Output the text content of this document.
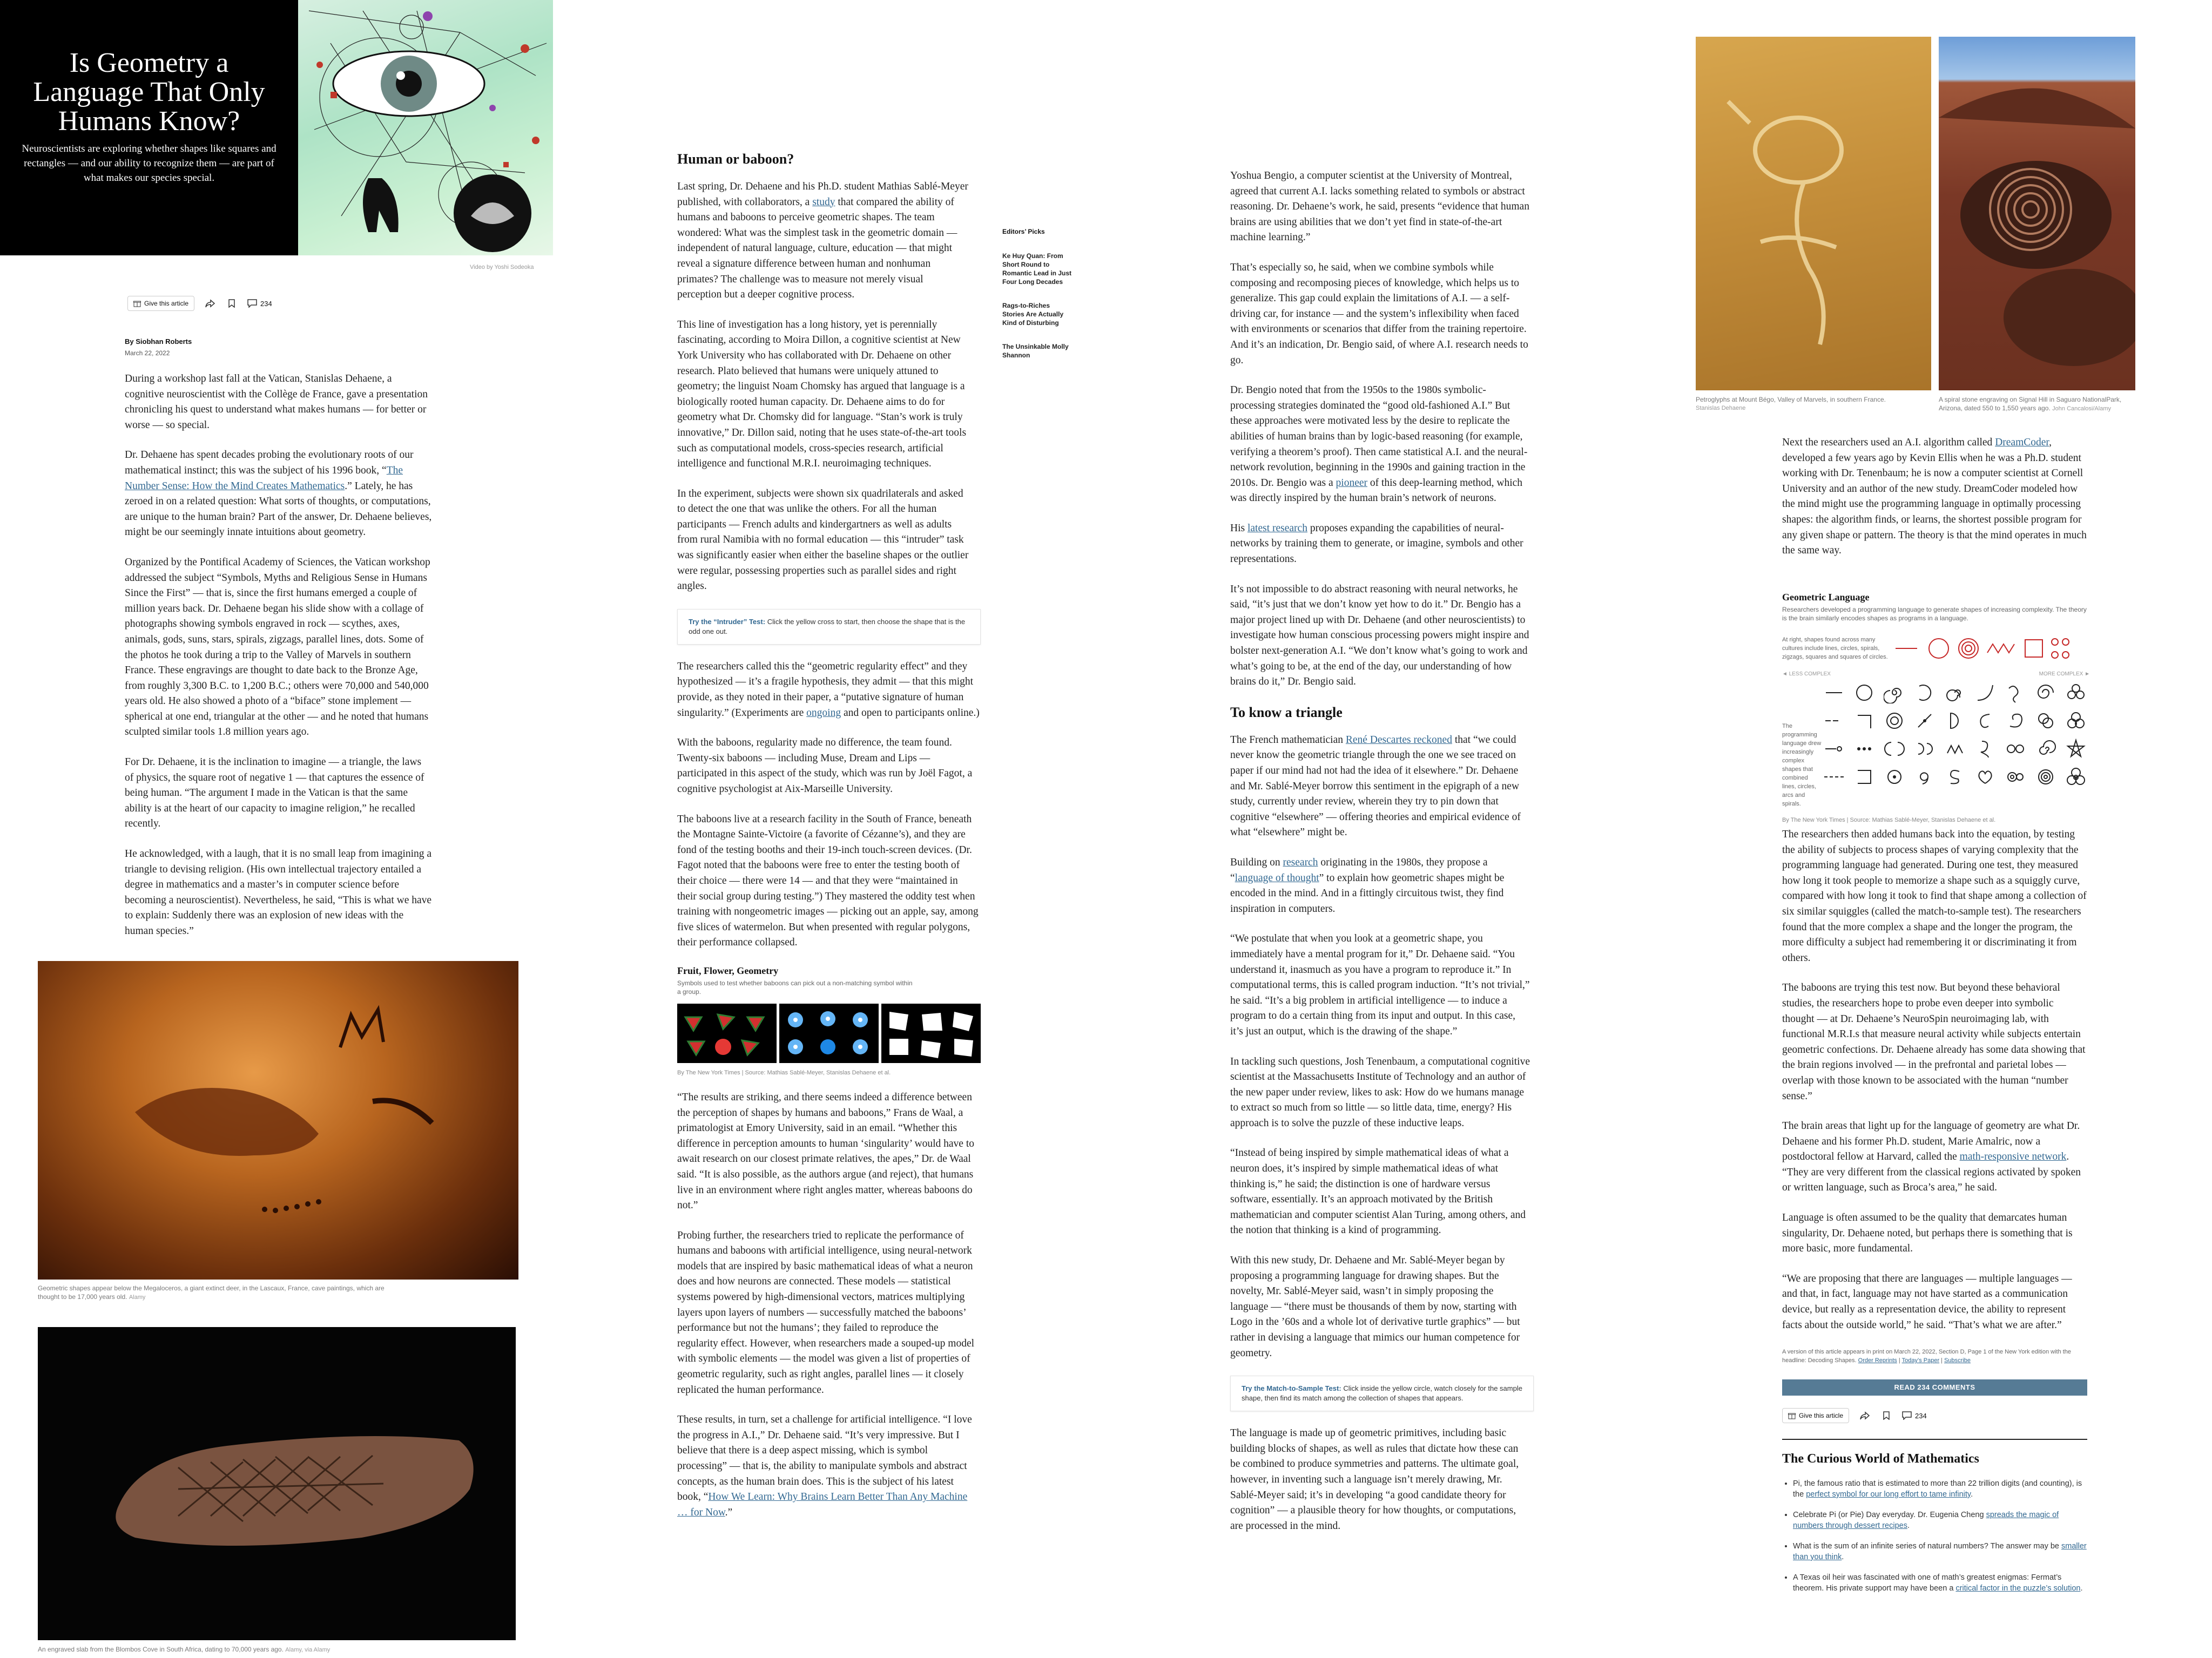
Is Geometry a Language That Only Humans Know?
Neuroscientists are exploring whether shapes like squares and rectangles — and our ability to recognize them — are part of what makes our species special.
Video by Yoshi Sodeoka
Give this article	234
By Siobhan Roberts
March 22, 2022

During a workshop last fall at the Vatican, Stanislas Dehaene, a cognitive neuroscientist with the Collège de France, gave a presentation chronicling his quest to understand what makes humans — for better or worse — so special.

Dr. Dehaene has spent decades probing the evolutionary roots of our mathematical instinct; this was the subject of his 1996 book, “The Number Sense: How the Mind Creates Mathematics.” Lately, he has zeroed in on a related question: What sorts of thoughts, or computations, are unique to the human brain? Part of the answer, Dr. Dehaene believes, might be our seemingly innate intuitions about geometry.

Organized by the Pontifical Academy of Sciences, the Vatican workshop addressed the subject “Symbols, Myths and Religious Sense in Humans Since the First” — that is, since the first humans emerged a couple of million years back. Dr. Dehaene began his slide show with a collage of photographs showing symbols engraved in rock — scythes, axes, animals, gods, suns, stars, spirals, zigzags, parallel lines, dots. Some of the photos he took during a trip to the Valley of Marvels in southern France. These engravings are thought to date back to the Bronze Age, from roughly 3,300 B.C. to 1,200 B.C.; others were 70,000 and 540,000 years old. He also showed a photo of a “biface” stone implement — spherical at one end, triangular at the other — and he noted that humans sculpted similar tools 1.8 million years ago.

For Dr. Dehaene, it is the inclination to imagine — a triangle, the laws of physics, the square root of negative 1 — that captures the essence of being human. “The argument I made in the Vatican is that the same ability is at the heart of our capacity to imagine religion,” he recalled recently.

He acknowledged, with a laugh, that it is no small leap from imagining a triangle to devising religion. (His own intellectual trajectory entailed a degree in mathematics and a master’s in computer science before becoming a neuroscientist). Nevertheless, he said, “This is what we have to explain: Suddenly there was an explosion of new ideas with the human species.”

Geometric shapes appear below the Megaloceros, a giant extinct deer, in the Lascaux, France, cave paintings, which are thought to be 17,000 years old. Alamy
An engraved slab from the Blombos Cove in South Africa, dating to 70,000 years ago. Alamy, via Alamy
Human or baboon?

Last spring, Dr. Dehaene and his Ph.D. student Mathias Sablé-Meyer published, with collaborators, a study that compared the ability of humans and baboons to perceive geometric shapes. The team wondered: What was the simplest task in the geometric domain — independent of natural language, culture, education — that might reveal a signature difference between human and nonhuman primates? The challenge was to measure not merely visual perception but a deeper cognitive process.

This line of investigation has a long history, yet is perennially fascinating, according to Moira Dillon, a cognitive scientist at New York University who has collaborated with Dr. Dehaene on other research. Plato believed that humans were uniquely attuned to geometry; the linguist Noam Chomsky has argued that language is a biologically rooted human capacity. Dr. Dehaene aims to do for geometry what Dr. Chomsky did for language. “Stan’s work is truly innovative,” Dr. Dillon said, noting that he uses state-of-the-art tools such as computational models, cross-species research, artificial intelligence and functional M.R.I. neuroimaging techniques.

In the experiment, subjects were shown six quadrilaterals and asked to detect the one that was unlike the others. For all the human participants — French adults and kindergartners as well as adults from rural Namibia with no formal education — this “intruder” task was significantly easier when either the baseline shapes or the outlier were regular, possessing properties such as parallel sides and right angles.

Try the “Intruder” Test: Click the yellow cross to start, then choose the shape that is the odd one out.

The researchers called this the “geometric regularity effect” and they hypothesized — it’s a fragile hypothesis, they admit — that this might provide, as they noted in their paper, a “putative signature of human singularity.” (Experiments are ongoing and open to participants online.)

With the baboons, regularity made no difference, the team found. Twenty-six baboons — including Muse, Dream and Lips — participated in this aspect of the study, which was run by Joël Fagot, a cognitive psychologist at Aix-Marseille University.

The baboons live at a research facility in the South of France, beneath the Montagne Sainte-Victoire (a favorite of Cézanne’s), and they are fond of the testing booths and their 19-inch touch-screen devices. (Dr. Fagot noted that the baboons were free to enter the testing booth of their choice — there were 14 — and that they were “maintained in their social group during testing.”) They mastered the oddity test when training with nongeometric images — picking out an apple, say, among five slices of watermelon. But when presented with regular polygons, their performance collapsed.

Fruit, Flower, Geometry
Symbols used to test whether baboons can pick out a non-matching symbol within a group.
By The New York Times | Source: Mathias Sablé-Meyer, Stanislas Dehaene et al.

“The results are striking, and there seems indeed a difference between the perception of shapes by humans and baboons,” Frans de Waal, a primatologist at Emory University, said in an email. “Whether this difference in perception amounts to human ‘singularity’ would have to await research on our closest primate relatives, the apes,” Dr. de Waal said. “It is also possible, as the authors argue (and reject), that humans live in an environment where right angles matter, whereas baboons do not.”

Probing further, the researchers tried to replicate the performance of humans and baboons with artificial intelligence, using neural-network models that are inspired by basic mathematical ideas of what a neuron does and how neurons are connected. These models — statistical systems powered by high-dimensional vectors, matrices multiplying layers upon layers of numbers — successfully matched the baboons’ performance but not the humans’; they failed to reproduce the regularity effect. However, when researchers made a souped-up model with symbolic elements — the model was given a list of properties of geometric regularity, such as right angles, parallel lines — it closely replicated the human performance.

These results, in turn, set a challenge for artificial intelligence. “I love the progress in A.I.,” Dr. Dehaene said. “It’s very impressive. But I believe that there is a deep aspect missing, which is symbol processing” — that is, the ability to manipulate symbols and abstract concepts, as the human brain does. This is the subject of his latest book, “How We Learn: Why Brains Learn Better Than Any Machine … for Now.”

Editors’ Picks
Ke Huy Quan: From Short Round to Romantic Lead in Just Four Long Decades
Rags-to-Riches Stories Are Actually Kind of Disturbing
The Unsinkable Molly Shannon

Yoshua Bengio, a computer scientist at the University of Montreal, agreed that current A.I. lacks something related to symbols or abstract reasoning. Dr. Dehaene’s work, he said, presents “evidence that human brains are using abilities that we don’t yet find in state-of-the-art machine learning.”

That’s especially so, he said, when we combine symbols while composing and recomposing pieces of knowledge, which helps us to generalize. This gap could explain the limitations of A.I. — a self-driving car, for instance — and the system’s inflexibility when faced with environments or scenarios that differ from the training repertoire. And it’s an indication, Dr. Bengio said, of where A.I. research needs to go.

Dr. Bengio noted that from the 1950s to the 1980s symbolic-processing strategies dominated the “good old-fashioned A.I.” But these approaches were motivated less by the desire to replicate the abilities of human brains than by logic-based reasoning (for example, verifying a theorem’s proof). Then came statistical A.I. and the neural-network revolution, beginning in the 1990s and gaining traction in the 2010s. Dr. Bengio was a pioneer of this deep-learning method, which was directly inspired by the human brain’s network of neurons.

His latest research proposes expanding the capabilities of neural-networks by training them to generate, or imagine, symbols and other representations.

It’s not impossible to do abstract reasoning with neural networks, he said, “it’s just that we don’t know yet how to do it.” Dr. Bengio has a major project lined up with Dr. Dehaene (and other neuroscientists) to investigate how human conscious processing powers might inspire and bolster next-generation A.I. “We don’t know what’s going to work and what’s going to be, at the end of the day, our understanding of how brains do it,” Dr. Bengio said.

To know a triangle

The French mathematician René Descartes reckoned that “we could never know the geometric triangle through the one we see traced on paper if our mind had not had the idea of it elsewhere.” Dr. Dehaene and Mr. Sablé-Meyer borrow this sentiment in the epigraph of a new study, currently under review, wherein they try to pin down that cognitive “elsewhere” — offering theories and empirical evidence of what “elsewhere” might be.

Building on research originating in the 1980s, they propose a “language of thought” to explain how geometric shapes might be encoded in the mind. And in a fittingly circuitous twist, they find inspiration in computers.

“We postulate that when you look at a geometric shape, you immediately have a mental program for it,” Dr. Dehaene said. “You understand it, inasmuch as you have a program to reproduce it.” In computational terms, this is called program induction. “It’s not trivial,” he said. “It’s a big problem in artificial intelligence — to induce a program to do a certain thing from its input and output. In this case, it’s just an output, which is the drawing of the shape.”

In tackling such questions, Josh Tenenbaum, a computational cognitive scientist at the Massachusetts Institute of Technology and an author of the new paper under review, likes to ask: How do we humans manage to extract so much from so little — so little data, time, energy? His approach is to solve the puzzle of these inductive leaps.

“Instead of being inspired by simple mathematical ideas of what a neuron does, it’s inspired by simple mathematical ideas of what thinking is,” he said; the distinction is one of hardware versus software, essentially. It’s an approach motivated by the British mathematician and computer scientist Alan Turing, among others, and the notion that thinking is a kind of programming.

With this new study, Dr. Dehaene and Mr. Sablé-Meyer began by proposing a programming language for drawing shapes. But the novelty, Mr. Sablé-Meyer said, wasn’t in simply proposing the language — “there must be thousands of them by now, starting with Logo in the ’60s and a whole lot of derivative turtle graphics” — but rather in devising a language that mimics our human competence for geometry.

Try the Match-to-Sample Test: Click inside the yellow circle, watch closely for the sample shape, then find its match among the collection of shapes that appears.

The language is made up of geometric primitives, including basic building blocks of shapes, as well as rules that dictate how these can be combined to produce symmetries and patterns. The ultimate goal, however, in inventing such a language isn’t merely drawing, Mr. Sablé-Meyer said; it’s in developing “a good candidate theory for cognition” — a plausible theory for how thoughts, or computations, are processed in the mind.

Petroglyphs at Mount Bégo, Valley of Marvels, in southern France.
Stanislas Dehaene
A spiral stone engraving on Signal Hill in Saguaro NationalPark, Arizona, dated 550 to 1,550 years ago. John Cancalosi/Alamy

Next the researchers used an A.I. algorithm called DreamCoder, developed a few years ago by Kevin Ellis when he was a Ph.D. student working with Dr. Tenenbaum; he is now a computer scientist at Cornell University and an author of the new study. DreamCoder modeled how the mind might use the programming language in optimally processing shapes: the algorithm finds, or learns, the shortest possible program for any given shape or pattern. The theory is that the mind operates in much the same way.

Geometric Language
Researchers developed a programming language to generate shapes of increasing complexity. The theory is the brain similarly encodes shapes as programs in a language.
At right, shapes found across many cultures include lines, circles, spirals, zigzags, squares and squares of circles.
◄ LESS COMPLEX	MORE COMPLEX ►
The programming language drew increasingly complex shapes that combined lines, circles, arcs and spirals.
By The New York Times | Source: Mathias Sablé-Meyer, Stanislas Dehaene et al.

The researchers then added humans back into the equation, by testing the ability of subjects to process shapes of varying complexity that the programming language had generated. During one test, they measured how long it took people to memorize a shape such as a squiggly curve, compared with how long it took to find that shape among a collection of six similar squiggles (called the match-to-sample test). The researchers found that the more complex a shape and the longer the program, the more difficulty a subject had remembering it or discriminating it from others.

The baboons are trying this test now. But beyond these behavioral studies, the researchers hope to probe even deeper into symbolic thought — at Dr. Dehaene’s NeuroSpin neuroimaging lab, with functional M.R.I.s that measure neural activity while subjects entertain geometric confections. Dr. Dehaene already has some data showing that the brain regions involved — in the prefrontal and parietal lobes — overlap with those known to be associated with the human “number sense.”

The brain areas that light up for the language of geometry are what Dr. Dehaene and his former Ph.D. student, Marie Amalric, now a postdoctoral fellow at Harvard, called the math-responsive network. “They are very different from the classical regions activated by spoken or written language, such as Broca’s area,” he said.

Language is often assumed to be the quality that demarcates human singularity, Dr. Dehaene noted, but perhaps there is something that is more basic, more fundamental.

“We are proposing that there are languages — multiple languages — and that, in fact, language may not have started as a communication device, but really as a representation device, the ability to represent facts about the outside world,” he said. “That’s what we are after.”

A version of this article appears in print on March 22, 2022, Section D, Page 1 of the New York edition with the headline: Decoding Shapes. Order Reprints | Today’s Paper | Subscribe
READ 234 COMMENTS
Give this article	234
The Curious World of Mathematics
• Pi, the famous ratio that is estimated to more than 22 trillion digits (and counting), is the perfect symbol for our long effort to tame infinity.
• Celebrate Pi (or Pie) Day everyday. Dr. Eugenia Cheng spreads the magic of numbers through dessert recipes.
• What is the sum of an infinite series of natural numbers? The answer may be smaller than you think.
• A Texas oil heir was fascinated with one of math’s greatest enigmas: Fermat’s theorem. His private support may have been a critical factor in the puzzle’s solution.
